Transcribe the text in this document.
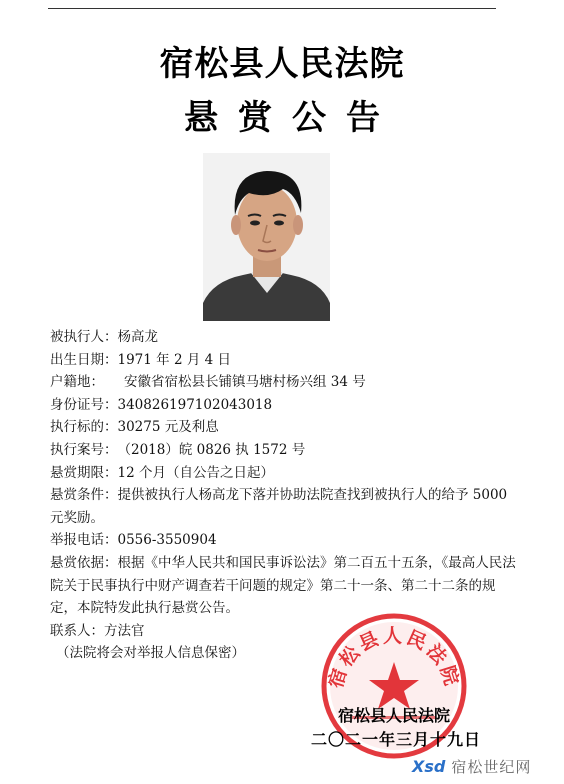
宿松县人民法院
悬赏公告
被执行人：杨高龙
出生日期：1971 年 2 月 4 日
户籍地： 安徽省宿松县长铺镇马塘村杨兴组 34 号
身份证号：340826197102043018
执行标的：30275 元及利息
执行案号：（2018）皖 0826 执 1572 号
悬赏期限：12 个月（自公告之日起）
悬赏条件：提供被执行人杨高龙下落并协助法院查找到被执行人的给予 5000 元奖励。
举报电话：0556-3550904
悬赏依据：根据《中华人民共和国民事诉讼法》第二百五十五条，《最高人民法院关于民事执行中财产调查若干问题的规定》第二十一条、第二十二条的规定，本院特发此执行悬赏公告。
联系人：方法官
（法院将会对举报人信息保密）
宿松县人民法院
宿松县人民法院
二〇二一年三月十九日
Xsd 宿松世纪网
